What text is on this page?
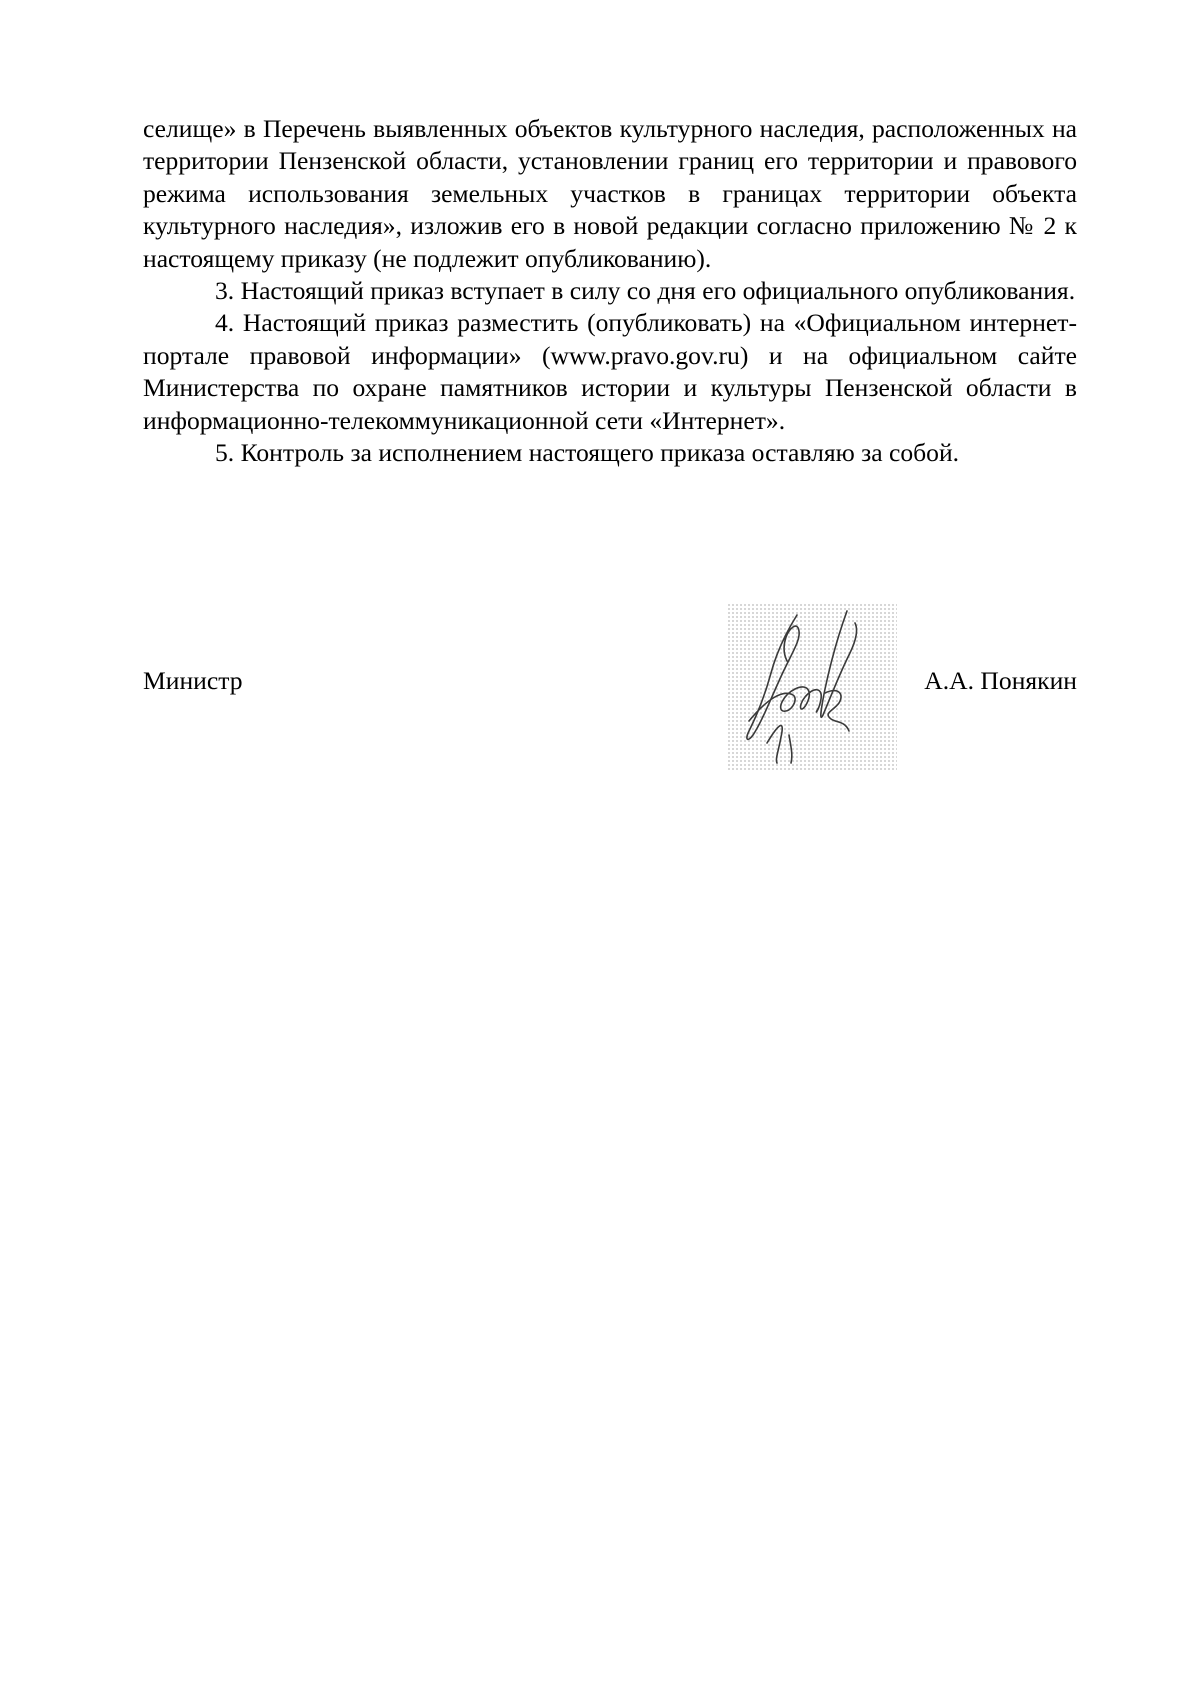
селище» в Перечень выявленных объектов культурного наследия, расположенных на территории Пензенской области, установлении границ его территории и правового режима использования земельных участков в границах территории объекта культурного наследия», изложив его в новой редакции согласно приложению № 2 к настоящему приказу (не подлежит опубликованию).

3. Настоящий приказ вступает в силу со дня его официального опубликования.

4. Настоящий приказ разместить (опубликовать) на «Официальном интернет-портале правовой информации» (www.pravo.gov.ru) и на официальном сайте Министерства по охране памятников истории и культуры Пензенской области в информационно-телекоммуникационной сети «Интернет».

5. Контроль за исполнением настоящего приказа оставляю за собой.

Министр	А.А. Понякин
